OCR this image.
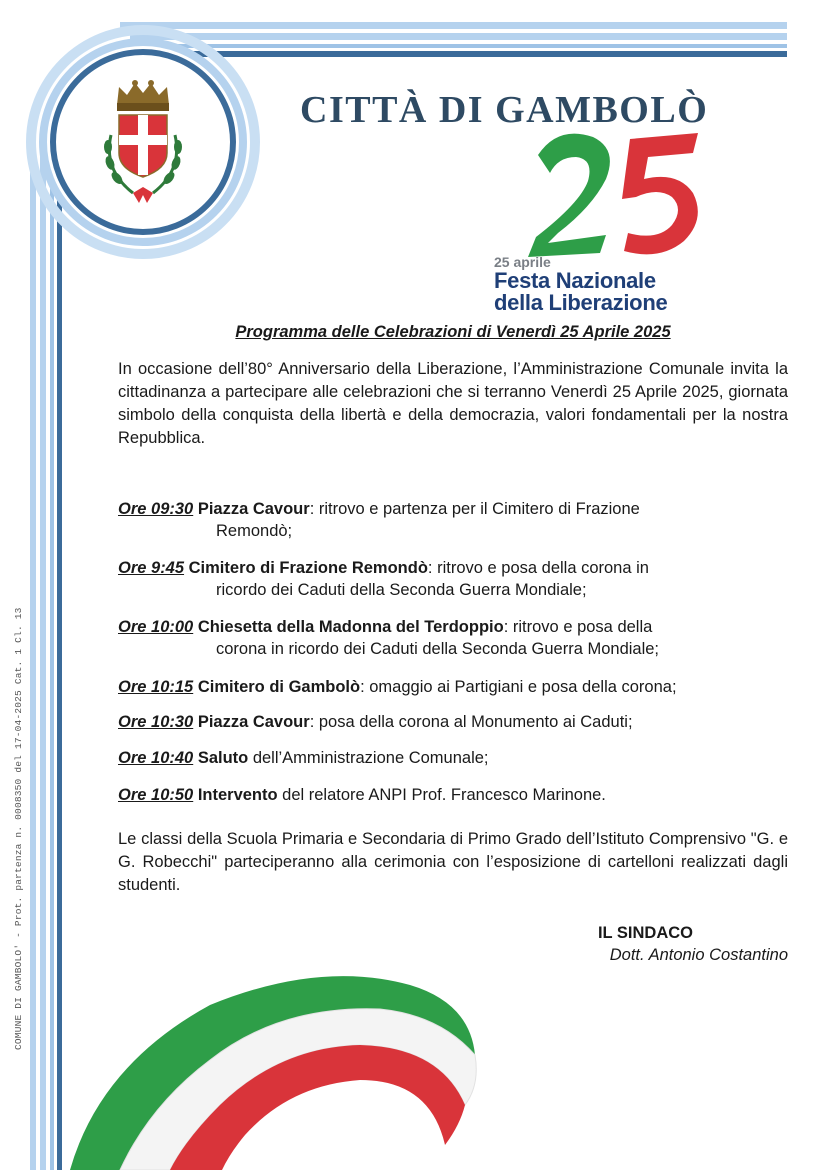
COMUNE DI GAMBOLO' - Prot. partenza n. 0008350 del 17-04-2025 Cat. 1 Cl. 13
CITTÀ DI GAMBOLÒ

25 aprile

Festa Nazionale

della Liberazione

Programma delle Celebrazioni di Venerdì 25 Aprile 2025

In occasione dell’80° Anniversario della Liberazione, l’Amministrazione Comunale invita la cittadinanza a partecipare alle celebrazioni che si terranno Venerdì 25 Aprile 2025, giornata simbolo della conquista della libertà e della democrazia, valori fondamentali per la nostra Repubblica.

Ore 09:30 Piazza Cavour: ritrovo e partenza per il Cimitero di Frazione
Remondò;

Ore 9:45 Cimitero di Frazione Remondò: ritrovo e posa della corona in
ricordo dei Caduti della Seconda Guerra Mondiale;

Ore 10:00 Chiesetta della Madonna del Terdoppio: ritrovo e posa della
corona in ricordo dei Caduti della Seconda Guerra Mondiale;

Ore 10:15 Cimitero di Gambolò: omaggio ai Partigiani e posa della corona;

Ore 10:30 Piazza Cavour: posa della corona al Monumento ai Caduti;

Ore 10:40 Saluto dell’Amministrazione Comunale;

Ore 10:50 Intervento del relatore ANPI Prof. Francesco Marinone.

Le classi della Scuola Primaria e Secondaria di Primo Grado dell’Istituto Comprensivo "G. e G. Robecchi" parteciperanno alla cerimonia con l’esposizione di cartelloni realizzati dagli studenti.

IL SINDACO

Dott. Antonio Costantino
